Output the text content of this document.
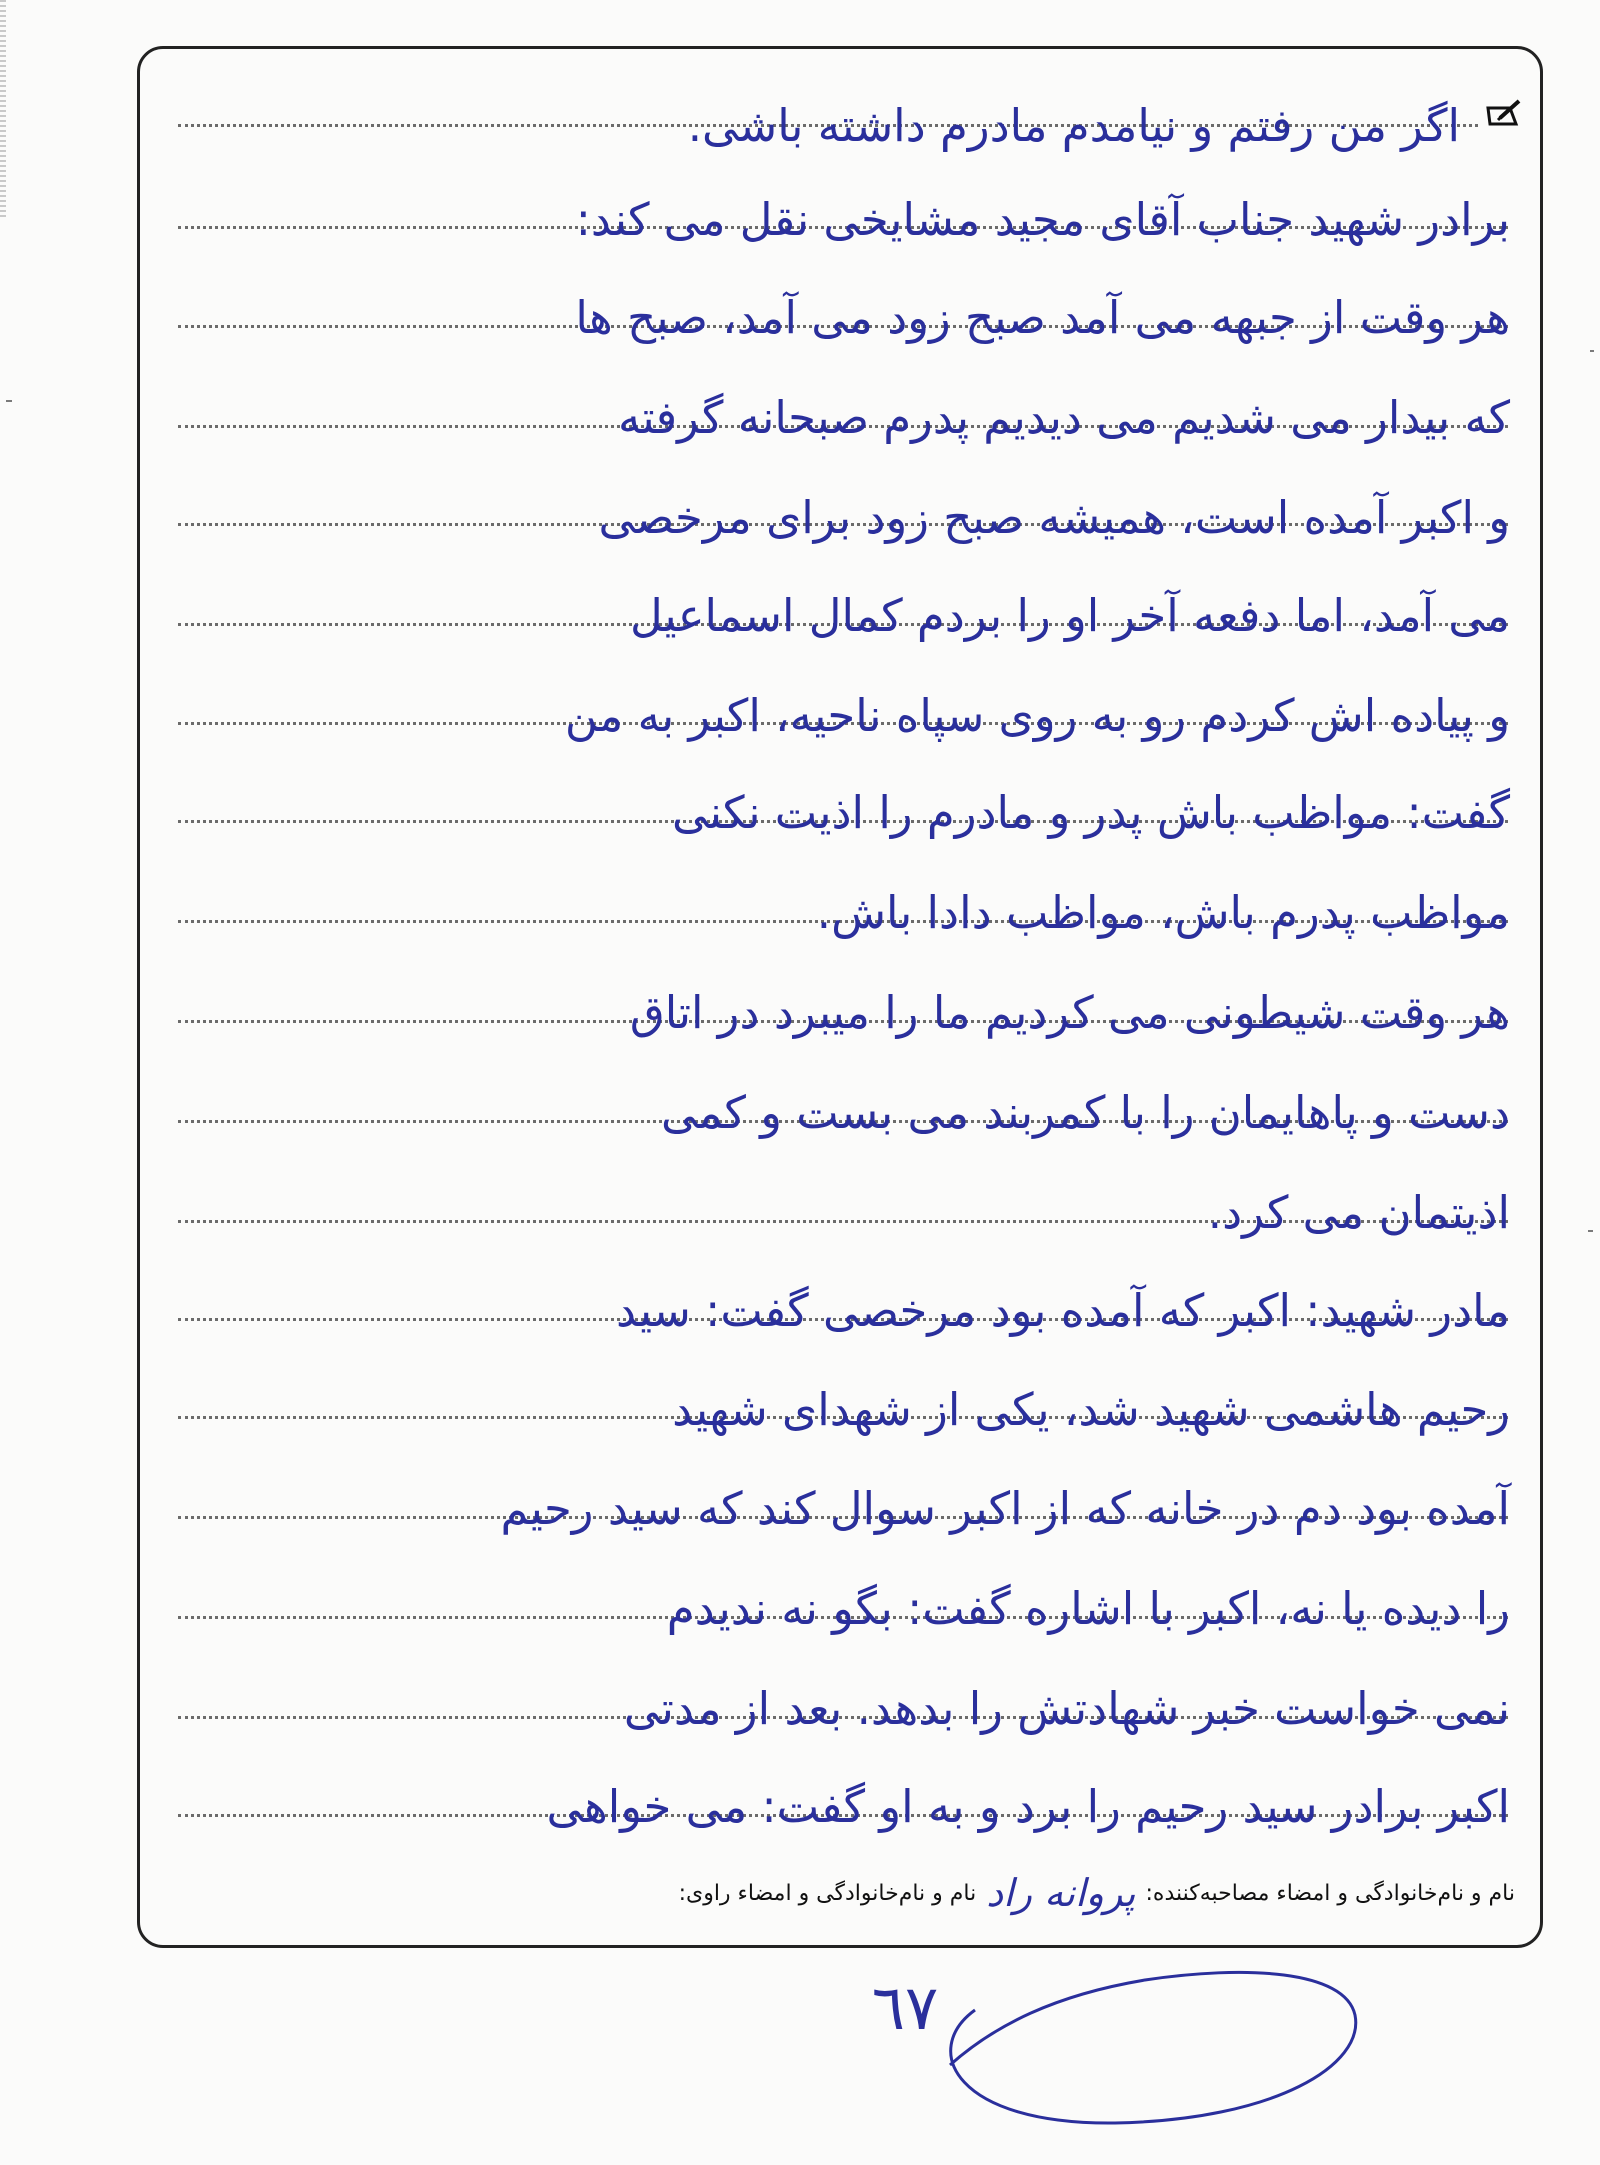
اگر من رفتم و نیامدم مادرم داشته باشی.
برادر شهید جناب آقای مجید مشایخی نقل می کند:
هر وقت از جبهه می آمد صبح زود می آمد، صبح ها
که بیدار می شدیم می دیدیم پدرم صبحانه گرفته
و اکبر آمده است، همیشه صبح زود برای مرخصی
می آمد، اما دفعه آخر او را بردم کمال اسماعیل
و پیاده اش کردم رو به روی سپاه ناحیه، اکبر به من
گفت: مواظب باش پدر و مادرم را اذیت نکنی
مواظب پدرم باش، مواظب دادا باش.
هر وقت شیطونی می کردیم ما را میبرد در اتاق
دست و پاهایمان را با کمربند می بست و کمی
اذیتمان می کرد.
مادر شهید: اکبر که آمده بود مرخصی گفت: سید
رحیم هاشمی شهید شد، یکی از شهدای شهید
آمده بود دم در خانه که از اکبر سوال کند که سید رحیم
را دیده یا نه، اکبر با اشاره گفت: بگو نه ندیدم
نمی خواست خبر شهادتش را بدهد. بعد از مدتی
اکبر برادر سید رحیم را برد و به او گفت: می خواهی
نام و نام‌خانوادگی و امضاء مصاحبه‌کننده:
پروانه راد
نام و نام‌خانوادگی و امضاء راوی:
٦٧
